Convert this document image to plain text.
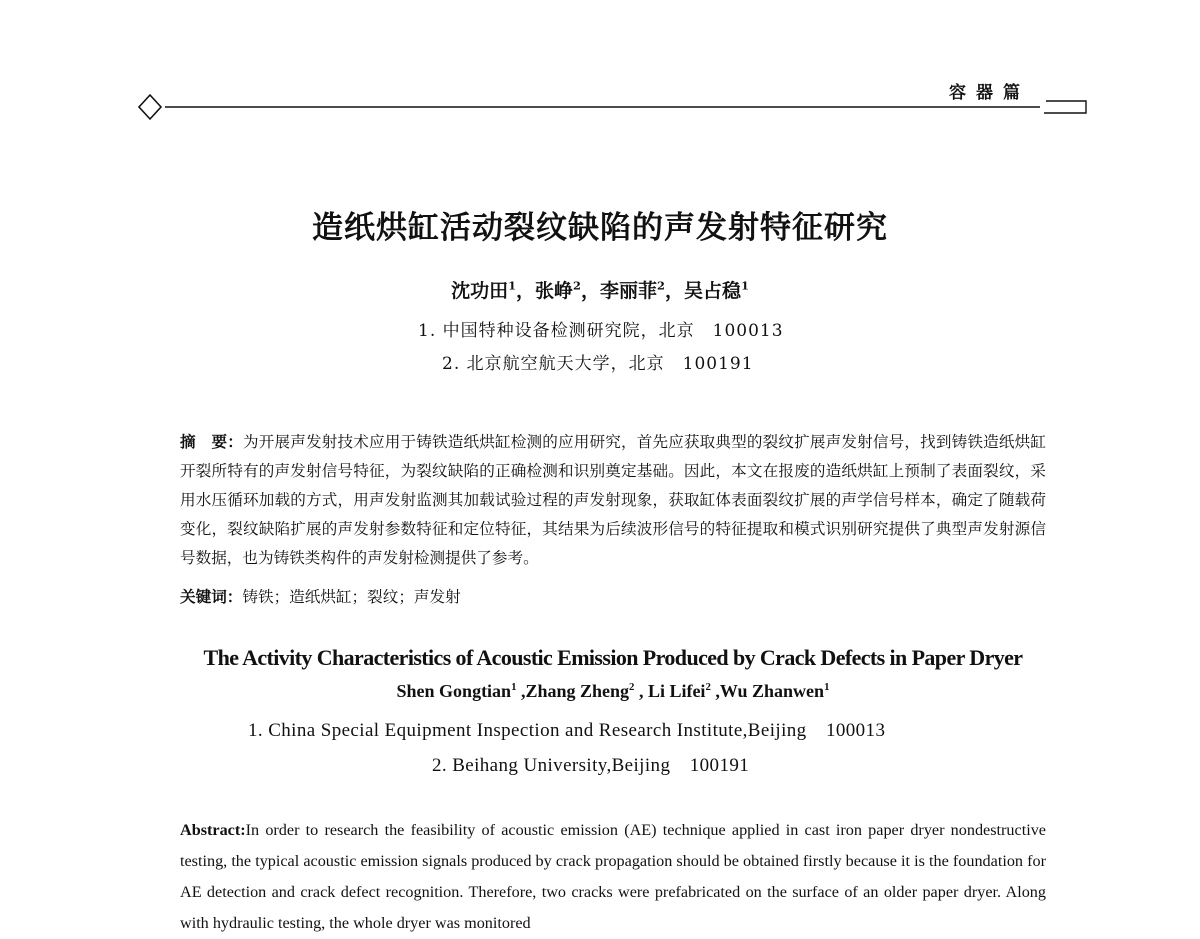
容器篇
造纸烘缸活动裂纹缺陷的声发射特征研究
沈功田$^1$，张峥$^2$，李丽菲$^2$，吴占稳$^1$
1. 中国特种设备检测研究院，北京　100013
2. 北京航空航天大学，北京　100191
摘　要：为开展声发射技术应用于铸铁造纸烘缸检测的应用研究，首先应获取典型的裂纹扩展声发射信号，找到铸铁造纸烘缸开裂所特有的声发射信号特征，为裂纹缺陷的正确检测和识别奠定基础。因此，本文在报废的造纸烘缸上预制了表面裂纹，采用水压循环加载的方式，用声发射监测其加载试验过程的声发射现象，获取缸体表面裂纹扩展的声学信号样本，确定了随载荷变化，裂纹缺陷扩展的声发射参数特征和定位特征，其结果为后续波形信号的特征提取和模式识别研究提供了典型声发射源信号数据，也为铸铁类构件的声发射检测提供了参考。
关键词：铸铁；造纸烘缸；裂纹；声发射
The Activity Characteristics of Acoustic Emission Produced by Crack Defects in Paper Dryer
Shen Gongtian$^1$ ,Zhang Zheng$^2$ , Li Lifei$^2$ ,Wu Zhanwen$^1$
1. China Special Equipment Inspection and Research Institute,Beijing　100013
2. Beihang University,Beijing　100191
Abstract:In order to research the feasibility of acoustic emission (AE) technique applied in cast iron paper dryer nondestructive testing, the typical acoustic emission signals produced by crack propagation should be obtained firstly because it is the foundation for AE detection and crack defect recognition. Therefore, two cracks were prefabricated on the surface of an older paper dryer. Along with hydraulic testing, the whole dryer was monitored
